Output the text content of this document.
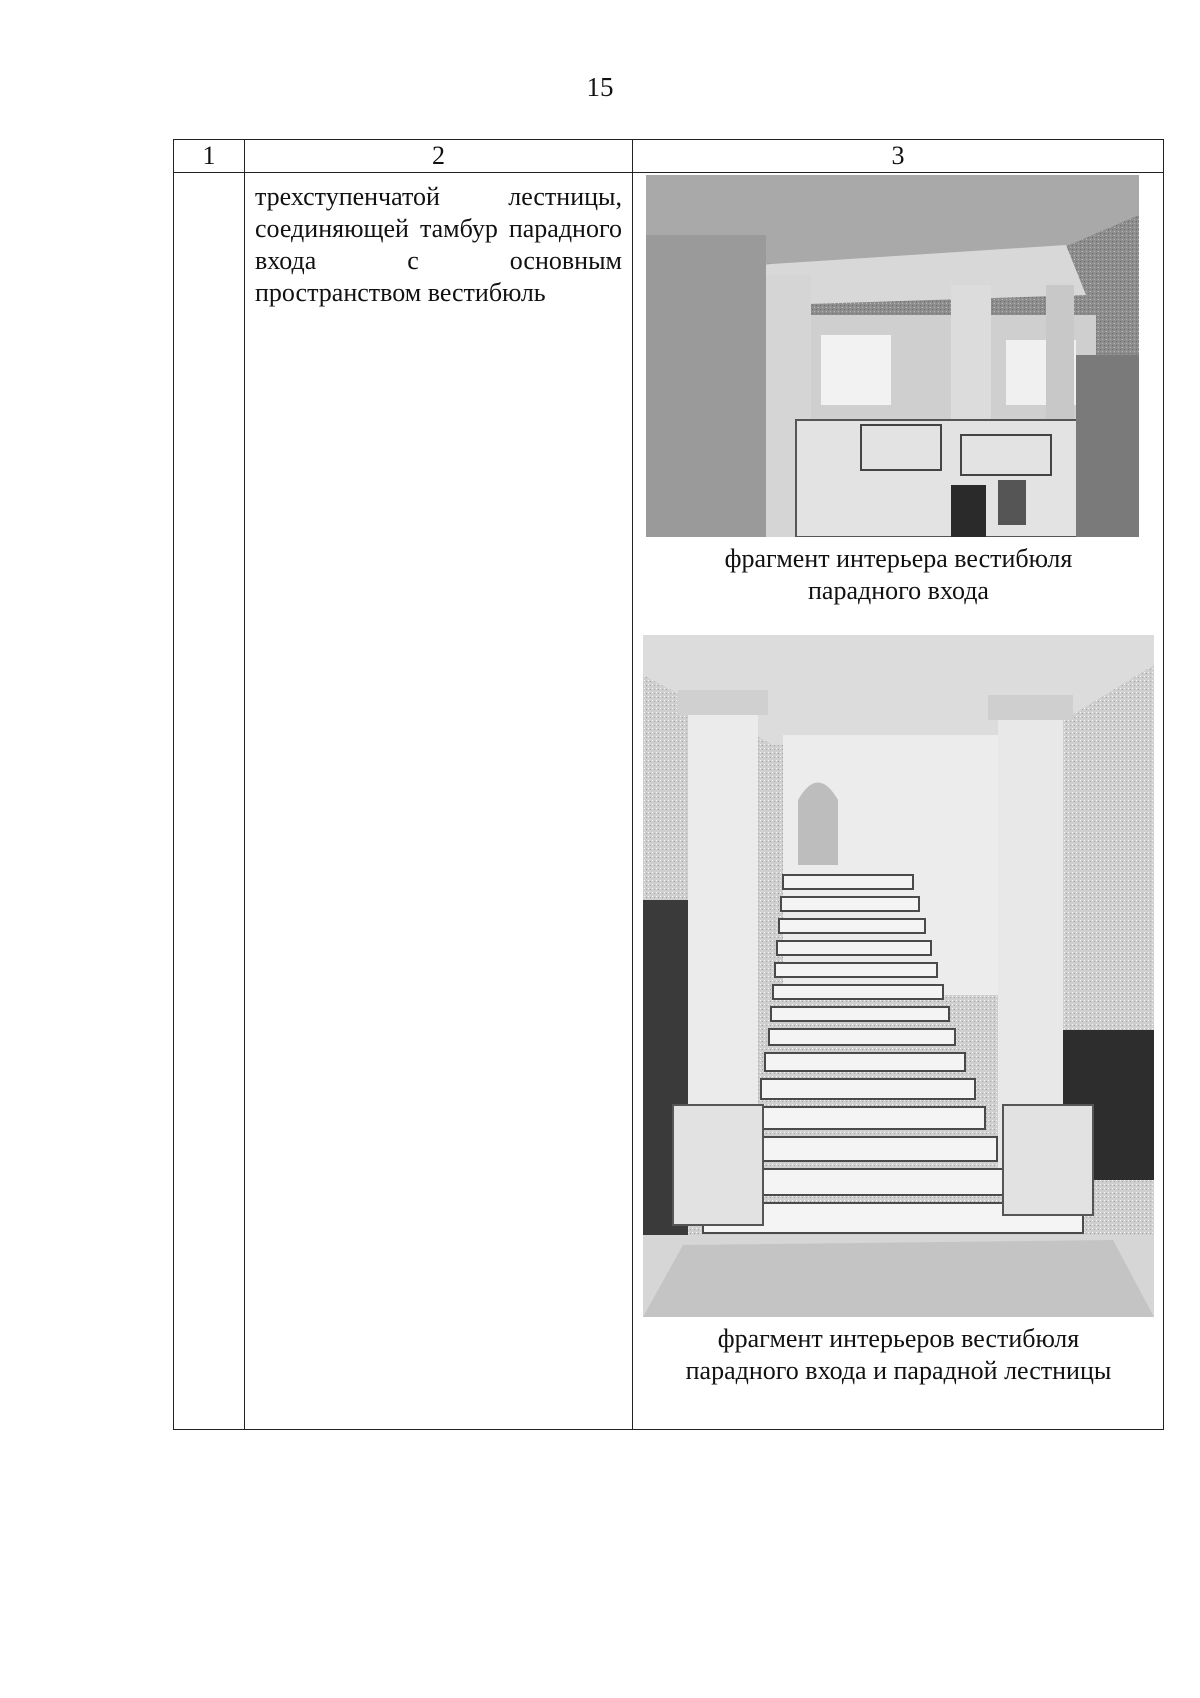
15
1	2	3

	трехступенчатой лестницы, соединяющей тамбур парадного входа с основным пространством вестибюль	фрагмент интерьера вестибюля
парадного входа
фрагмент интерьеров вестибюля
парадного входа и парадной лестницы
